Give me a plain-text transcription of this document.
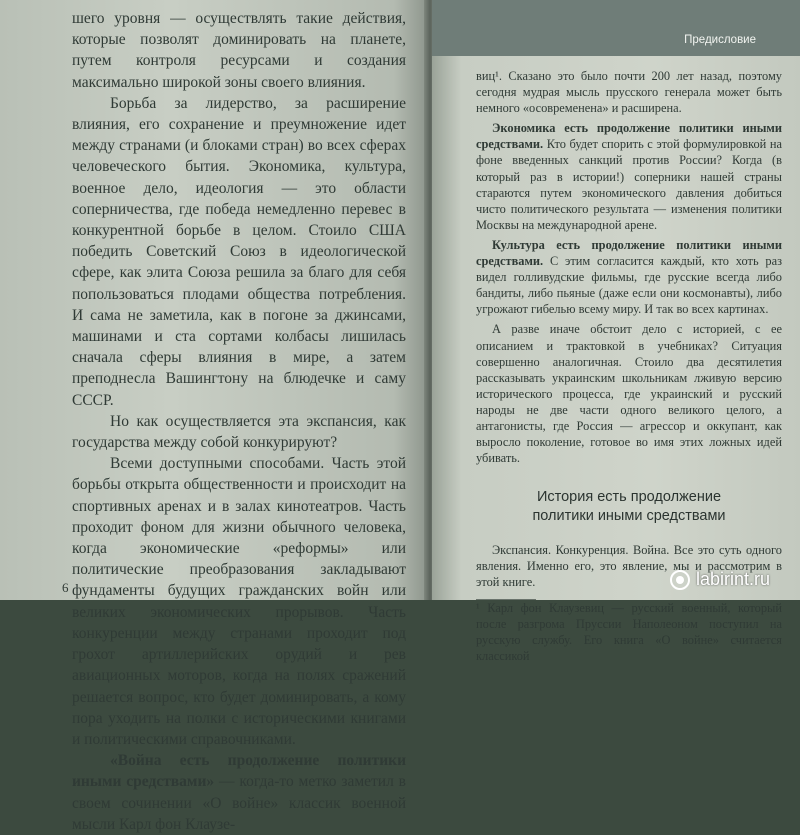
шего уровня — осуществлять такие действия, которые позволят доминировать на планете, путем контроля ресурсами и создания максимально широкой зоны своего влияния.

Борьба за лидерство, за расширение влияния, его сохранение и преумножение идет между странами (и блоками стран) во всех сферах человеческого бытия. Экономика, культура, военное дело, идеология — это области соперничества, где победа немедленно перевес в конкурентной борьбе в целом. Стоило США победить Советский Союз в идеологической сфере, как элита Союза решила за благо для себя попользоваться плодами общества потребления. И сама не заметила, как в погоне за джинсами, машинами и ста сортами колбасы лишилась сначала сферы влияния в мире, а затем преподнесла Вашингтону на блюдечке и саму СССР.

Но как осуществляется эта экспансия, как государства между собой конкурируют?

Всеми доступными способами. Часть этой борьбы открыта общественности и происходит на спортивных аренах и в залах кинотеатров. Часть проходит фоном для жизни обычного человека, когда экономические «реформы» или политические преобразования закладывают фундаменты будущих гражданских войн или великих экономических прорывов. Часть конкуренции между странами проходит под грохот артиллерийских орудий и рев авиационных моторов, когда на полях сражений решается вопрос, кто будет доминировать, а кому пора уходить на полки с историческими книгами и политическими справочниками.

«Война есть продолжение политики иными средствами» — когда-то метко заметил в своем сочинении «О войне» классик военной мысли Карл фон Клаузе-

6
Предисловие

виц¹. Сказано это было почти 200 лет назад, поэтому сегодня мудрая мысль прусского генерала может быть немного «осовременена» и расширена.

Экономика есть продолжение политики иными средствами. Кто будет спорить с этой формулировкой на фоне введенных санкций против России? Когда (в который раз в истории!) соперники нашей страны стараются путем экономического давления добиться чисто политического результата — изменения политики Москвы на международной арене.

Культура есть продолжение политики иными средствами. С этим согласится каждый, кто хоть раз видел голливудские фильмы, где русские всегда либо бандиты, либо пьяные (даже если они космонавты), либо угрожают гибелью всему миру. И так во всех картинах.

А разве иначе обстоит дело с историей, с ее описанием и трактовкой в учебниках? Ситуация совершенно аналогичная. Стоило два десятилетия рассказывать украинским школьникам лживую версию исторического процесса, где украинский и русский народы не две части одного великого целого, а антагонисты, где Россия — агрессор и оккупант, как выросло поколение, готовое во имя этих ложных идей убивать.

История есть продолжение
политики иными средствами

Экспансия. Конкуренция. Война. Все это суть одного явления. Именно его, это явление, мы и рассмотрим в этой книге.

¹ Карл фон Клаузевиц — русский военный, который после разгрома Пруссии Наполеоном поступил на русскую службу. Его книга «О войне» считается классикой

labirint.ru
